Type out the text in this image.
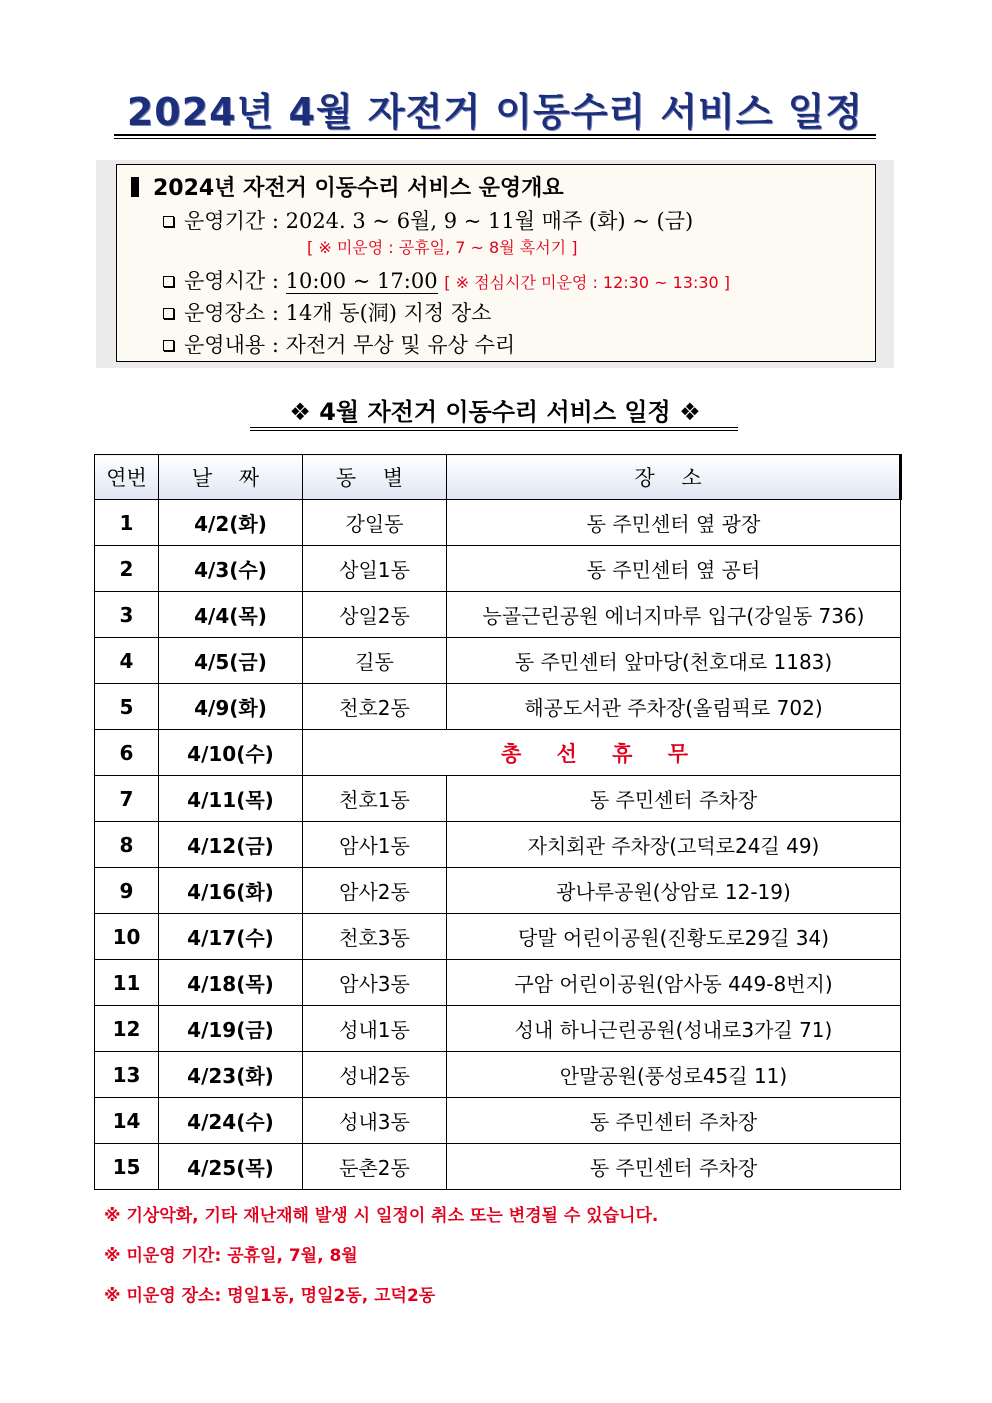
2024년 4월 자전거 이동수리 서비스 일정
2024년 자전거 이동수리 서비스 운영개요
운영기간 : 2024. 3 ~ 6월, 9 ~ 11월 매주 (화) ~ (금)
[ ※ 미운영 : 공휴일, 7 ~ 8월 혹서기 ]
운영시간 : 10:00 ~ 17:00 [ ※ 점심시간 미운영 : 12:30 ~ 13:30 ]
운영장소 : 14개 동(洞) 지정 장소
운영내용 : 자전거 무상 및 유상 수리
❖ 4월 자전거 이동수리 서비스 일정 ❖
연번	날 짜	동 별	장 소
1	4/2(화)	강일동	동 주민센터 옆 광장
2	4/3(수)	상일1동	동 주민센터 옆 공터
3	4/4(목)	상일2동	능골근린공원 에너지마루 입구(강일동 736)
4	4/5(금)	길동	동 주민센터 앞마당(천호대로 1183)
5	4/9(화)	천호2동	해공도서관 주차장(올림픽로 702)
6	4/10(수)	총 선 휴 무	
7	4/11(목)	천호1동	동 주민센터 주차장
8	4/12(금)	암사1동	자치회관 주차장(고덕로24길 49)
9	4/16(화)	암사2동	광나루공원(상암로 12-19)
10	4/17(수)	천호3동	당말 어린이공원(진황도로29길 34)
11	4/18(목)	암사3동	구암 어린이공원(암사동 449-8번지)
12	4/19(금)	성내1동	성내 하니근린공원(성내로3가길 71)
13	4/23(화)	성내2동	안말공원(풍성로45길 11)
14	4/24(수)	성내3동	동 주민센터 주차장
15	4/25(목)	둔촌2동	동 주민센터 주차장
※ 기상악화, 기타 재난재해 발생 시 일정이 취소 또는 변경될 수 있습니다.
※ 미운영 기간: 공휴일, 7월, 8월
※ 미운영 장소: 명일1동, 명일2동, 고덕2동
